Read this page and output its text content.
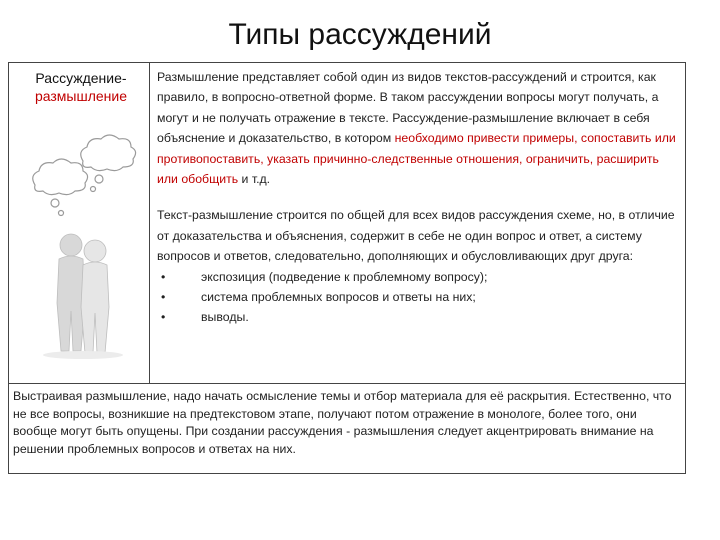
Типы рассуждений
Рассуждение-
размышление

Размышление представляет собой один из видов текстов-рассуждений и строится, как правило, в вопросно-ответной форме. В таком рассуждении вопросы могут получать, а могут и не получать отражение в тексте. Рассуждение-размышление включает в себя объяснение и доказательство, в котором необходимо привести примеры, сопоставить или противопоставить, указать причинно-следственные отношения, ограничить, расширить или обобщить и т.д.

Текст-размышление строится по общей для всех видов рассуждения схеме, но, в отличие от доказательства и объяснения, содержит в себе не один вопрос и ответ, а систему вопросов и ответов, следовательно, дополняющих и обусловливающих друг друга:

•	экспозиция (подведение к проблемному вопросу);
•	система проблемных вопросов и ответы на них;
•	выводы.
Выстраивая размышление, надо начать осмысление темы и отбор материала для её раскрытия. Естественно, что не все вопросы, возникшие на предтекстовом этапе, получают потом отражение в монологе, более того, они вообще могут быть опущены. При создании рассуждения - размышления следует акцентрировать внимание на решении проблемных вопросов и ответах на них.
